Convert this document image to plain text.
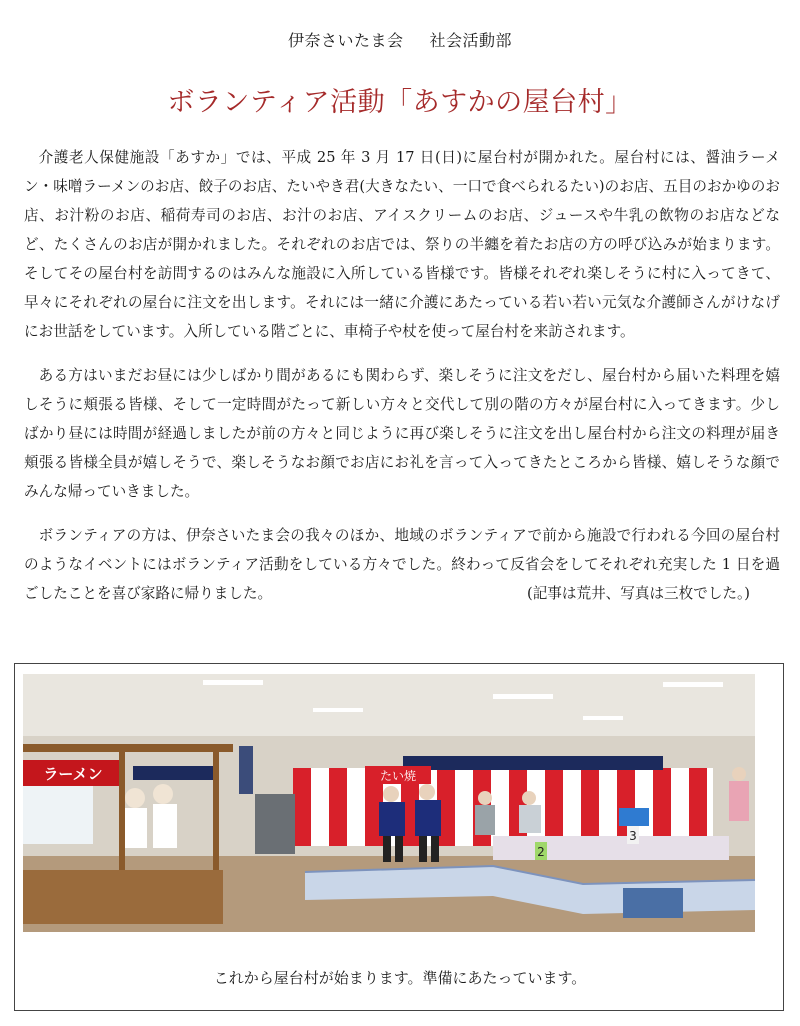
伊奈さいたま会 社会活動部
ボランティア活動「あすかの屋台村」

介護老人保健施設「あすか」では、平成 25 年 3 月 17 日(日)に屋台村が開かれた。屋台村には、醤油ラーメン・味噌ラーメンのお店、餃子のお店、たいやき君(大きなたい、一口で食べられるたい)のお店、五目のおかゆのお店、お汁粉のお店、稲荷寿司のお店、お汁のお店、アイスクリームのお店、ジュースや牛乳の飲物のお店などなど、たくさんのお店が開かれました。それぞれのお店では、祭りの半纏を着たお店の方の呼び込みが始まります。そしてその屋台村を訪問するのはみんな施設に入所している皆様です。皆様それぞれ楽しそうに村に入ってきて、早々にそれぞれの屋台に注文を出します。それには一緒に介護にあたっている若い若い元気な介護師さんがけなげにお世話をしています。入所している階ごとに、車椅子や杖を使って屋台村を来訪されます。

ある方はいまだお昼には少しばかり間があるにも関わらず、楽しそうに注文をだし、屋台村から届いた料理を嬉しそうに頬張る皆様、そして一定時間がたって新しい方々と交代して別の階の方々が屋台村に入ってきます。少しばかり昼には時間が経過しましたが前の方々と同じように再び楽しそうに注文を出し屋台村から注文の料理が届き頬張る皆様全員が嬉しそうで、楽しそうなお顔でお店にお礼を言って入ってきたところから皆様、嬉しそうな顔でみんな帰っていきました。

ボランティアの方は、伊奈さいたま会の我々のほか、地域のボランティアで前から施設で行われる今回の屋台村のようなイベントにはボランティア活動をしている方々でした。終わって反省会をしてそれぞれ充実した 1 日を過ごしたことを喜び家路に帰りました。	(記事は荒井、写真は三枚でした。)

たい焼
ラーメン
2
3
これから屋台村が始まります。準備にあたっています。
